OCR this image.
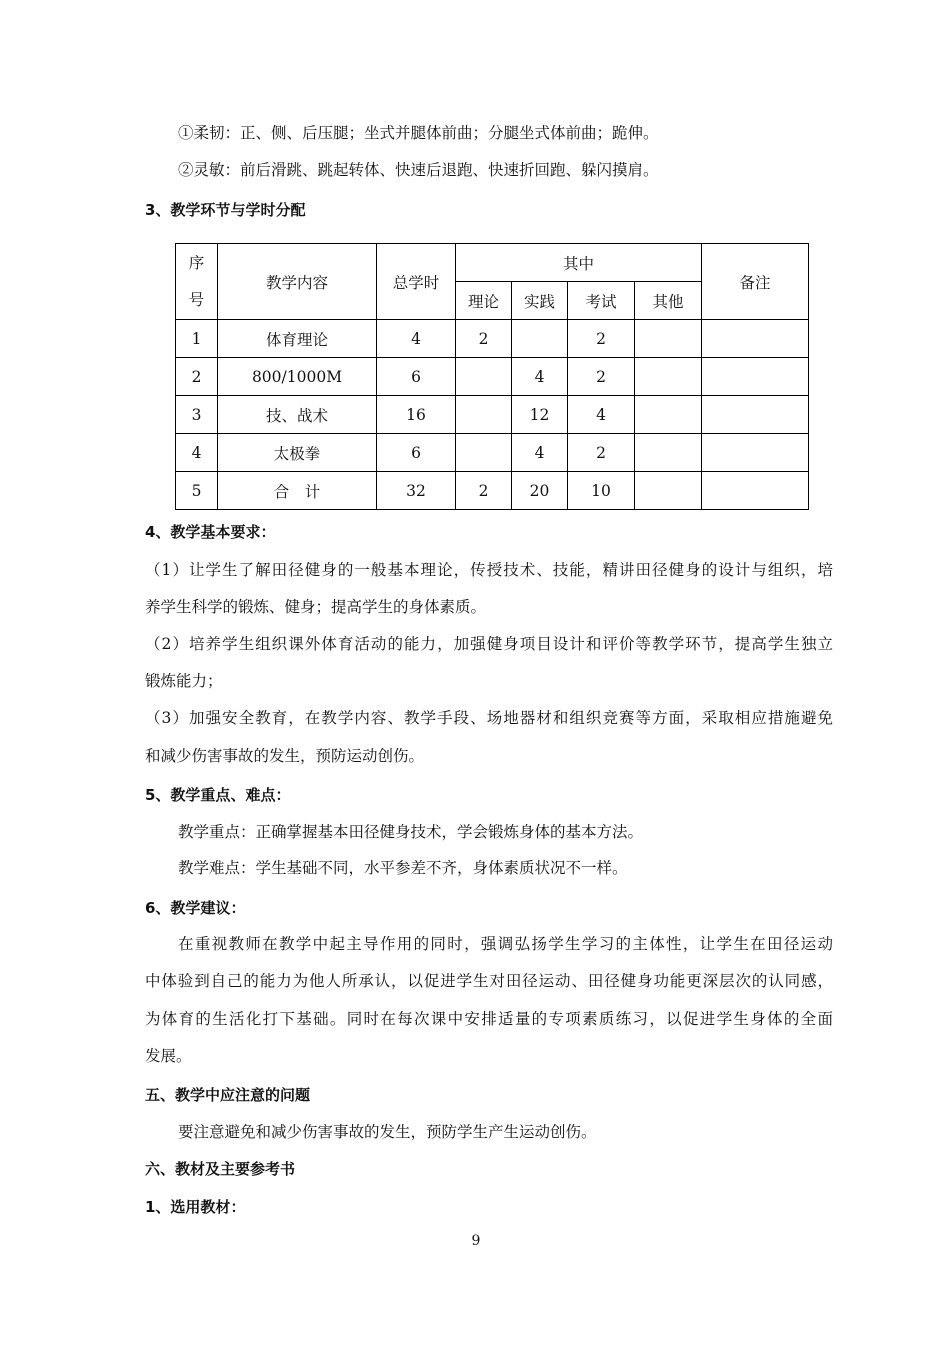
①柔韧：正、侧、后压腿；坐式并腿体前曲；分腿坐式体前曲；跪伸。
②灵敏：前后滑跳、跳起转体、快速后退跑、快速折回跑、躲闪摸肩。
3、教学环节与学时分配
序
号	教学内容	总学时	其中				备注
			理论	实践	考试	其他	
1	体育理论	4	2		2		
2	800/1000M	6		4	2		
3	技、战术	16		12	4		
4	太极拳	6		4	2		
5	合　计	32	2	20	10		
4、教学基本要求：
（1）让学生了解田径健身的一般基本理论，传授技术、技能，精讲田径健身的设计与组织，培
养学生科学的锻炼、健身；提高学生的身体素质。
（2）培养学生组织课外体育活动的能力，加强健身项目设计和评价等教学环节，提高学生独立
锻炼能力；
（3）加强安全教育，在教学内容、教学手段、场地器材和组织竞赛等方面，采取相应措施避免
和减少伤害事故的发生，预防运动创伤。
5、教学重点、难点：
教学重点：正确掌握基本田径健身技术，学会锻炼身体的基本方法。
教学难点：学生基础不同，水平参差不齐，身体素质状况不一样。
6、教学建议：
在重视教师在教学中起主导作用的同时，强调弘扬学生学习的主体性，让学生在田径运动
中体验到自己的能力为他人所承认，以促进学生对田径运动、田径健身功能更深层次的认同感，
为体育的生活化打下基础。同时在每次课中安排适量的专项素质练习，以促进学生身体的全面
发展。
五、教学中应注意的问题
要注意避免和减少伤害事故的发生，预防学生产生运动创伤。
六、教材及主要参考书
1、选用教材：
9
